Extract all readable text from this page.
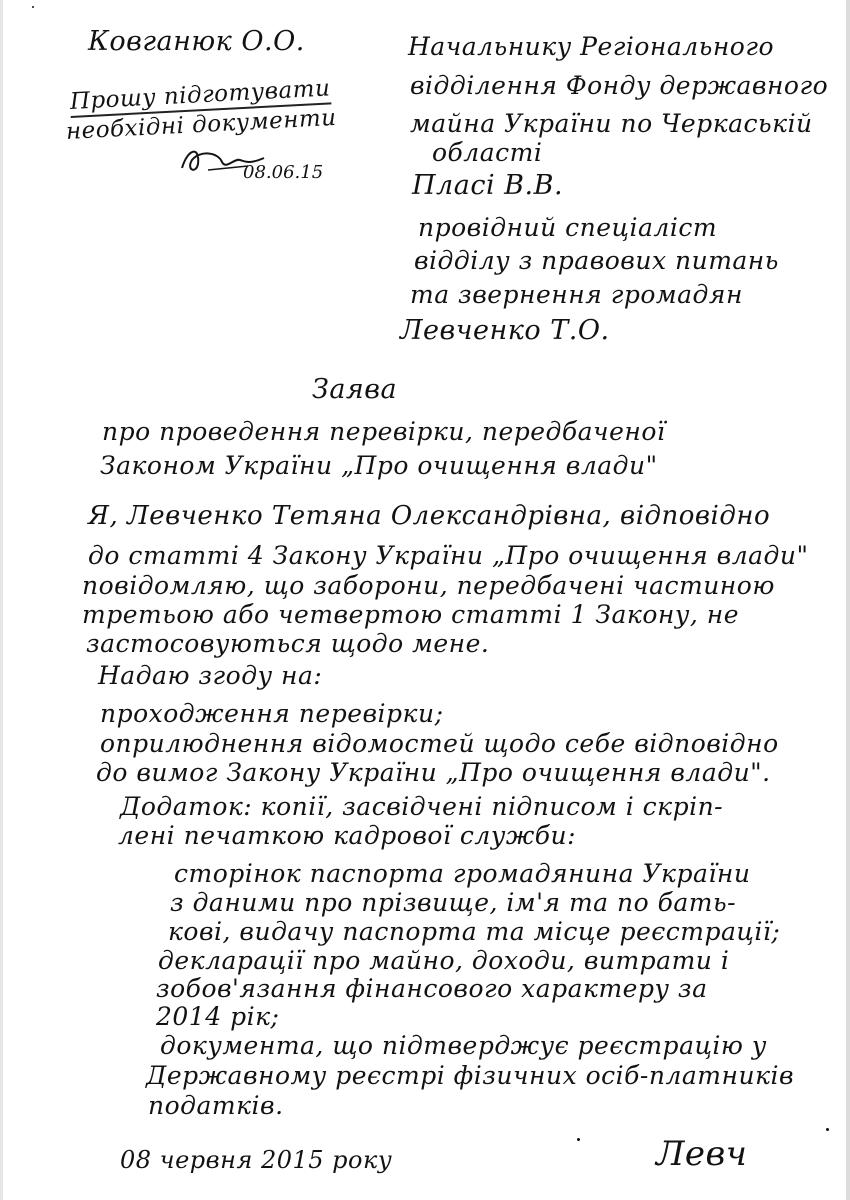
Ковганюк О.О.
Прошу підготувати
необхідні документи
08.06.15
Начальнику Регіонального
відділення Фонду державного
майна України по Черкаській
області
Пласі В.В.
провідний спеціаліст
відділу з правових питань
та звернення громадян
Левченко Т.О.
Заява
про проведення перевірки, передбаченої
Законом України „Про очищення влади"
Я, Левченко Тетяна Олександрівна, відповідно
до статті 4 Закону України „Про очищення влади"
повідомляю, що заборони, передбачені частиною
третьою або четвертою статті 1 Закону, не
застосовуються щодо мене.
Надаю згоду на:
проходження перевірки;
оприлюднення відомостей щодо себе відповідно
до вимог Закону України „Про очищення влади".
Додаток: копії, засвідчені підписом і скріп-
лені печаткою кадрової служби:
сторінок паспорта громадянина України
з даними про прізвище, ім'я та по бать-
кові, видачу паспорта та місце реєстрації;
декларації про майно, доходи, витрати і
зобов'язання фінансового характеру за
2014 рік;
документа, що підтверджує реєстрацію у
Державному реєстрі фізичних осіб-платників
податків.
08 червня 2015 року	Левч
